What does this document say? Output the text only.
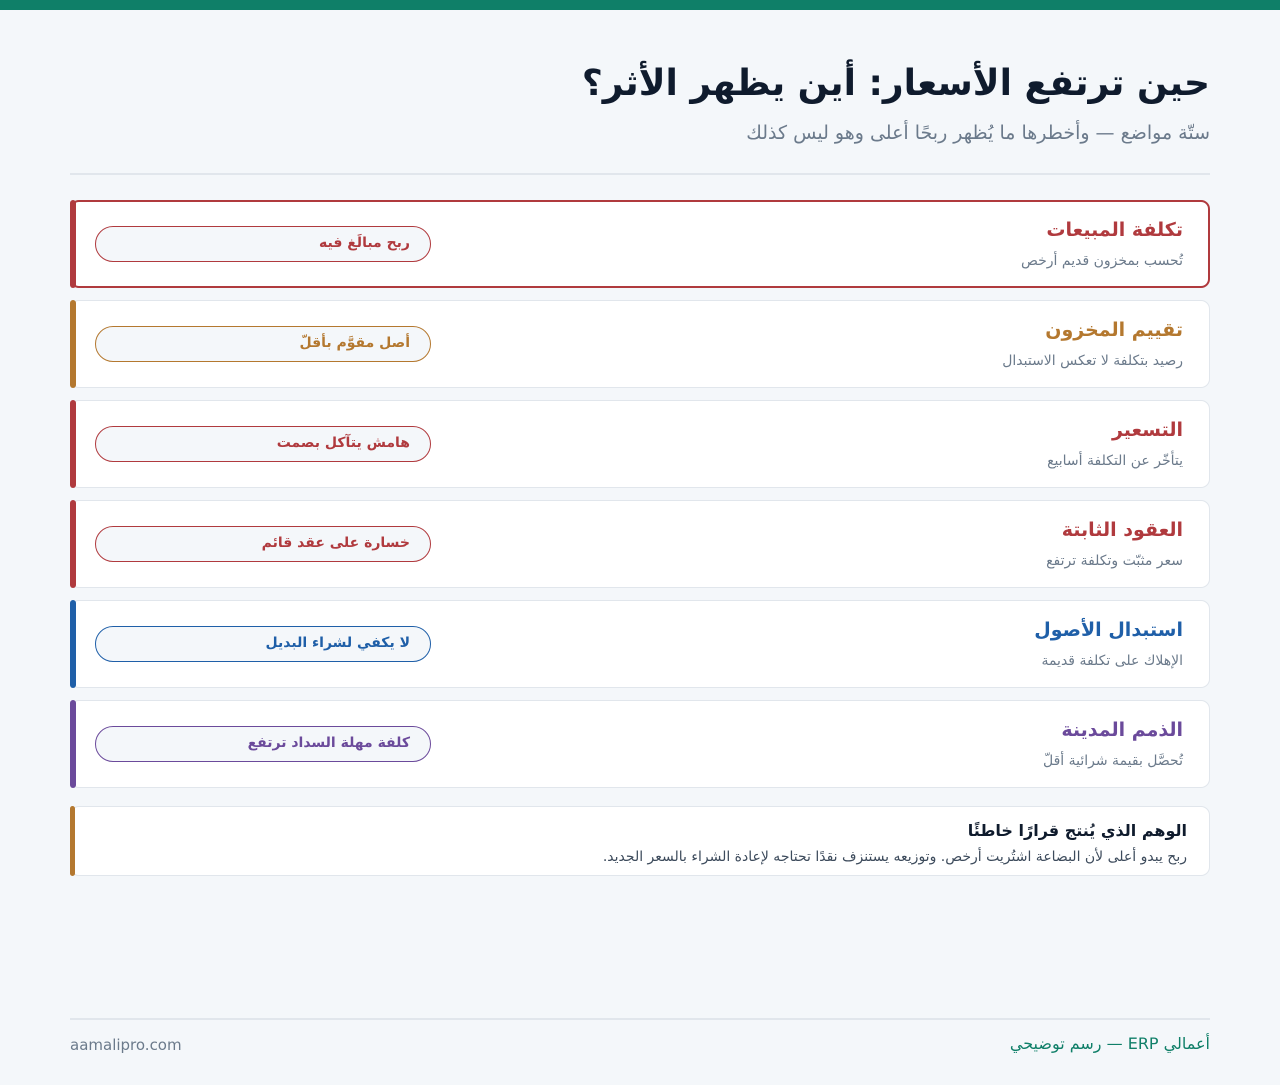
حين ترتفع الأسعار: أين يظهر الأثر؟
ستّة مواضع — وأخطرها ما يُظهر ربحًا أعلى وهو ليس كذلك
تكلفة المبيعات
تُحسب بمخزون قديم أرخص
ربح مبالَغ فيه
تقييم المخزون
رصيد بتكلفة لا تعكس الاستبدال
أصل مقوَّم بأقلّ
التسعير
يتأخّر عن التكلفة أسابيع
هامش يتآكل بصمت
العقود الثابتة
سعر مثبّت وتكلفة ترتفع
خسارة على عقد قائم
استبدال الأصول
الإهلاك على تكلفة قديمة
لا يكفي لشراء البديل
الذمم المدينة
تُحصَّل بقيمة شرائية أقلّ
كلفة مهلة السداد ترتفع
الوهم الذي يُنتج قرارًا خاطئًا
ربح يبدو أعلى لأن البضاعة اشتُريت أرخص. وتوزيعه يستنزف نقدًا تحتاجه لإعادة الشراء بالسعر الجديد.
أعمالي ERP — رسم توضيحي
aamalipro.com
